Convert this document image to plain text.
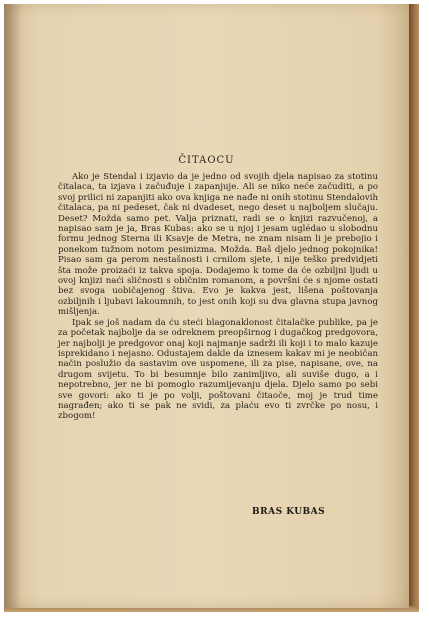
ČITAOCU

Ako je Stendal i izjavio da je jedno od svojih djela napisao za stotinu čitalaca, ta izjava i začuđuje i zapanjuje. Ali se niko neće začuditi, a po svoj prilici ni zapanjiti ako ova knjiga ne nađe ni onih stotinu Stendalovih čitalaca, pa ni pedeset, čak ni dvadeset, nego deset u najboljem slučaju. Deset? Možda samo pet. Valja priznati, radi se o knjizi razvučenoj, a napisao sam je ja, Bras Kubas: ako se u njoj i jesam uglédao u slobodnu formu jednog Sterna ili Ksavje de Metra, ne znam nisam li je prebojio i ponekom tužnom notom pesimizma. Možda. Baš djelo jednog pokojnika! Pisao sam ga perom nestašnosti i crnilom sjete, i nije teško predvidjeti šta može proizaći iz takva spoja. Dodajemo k tome da će ozbiljni ljudi u ovoj knjizi naći sličnosti s običnim romanom, a površni će s njome ostati bez svoga uobičajenog štiva. Evo je kakva jest, lišena poštovanja ozbiljnih i ljubavi lakoumnih, to jest onih koji su dva glavna stupa javnog mišljenja.

Ipak se još nadam da ću steći blagonaklonost čitalačke publike, pa je za početak najbolje da se odreknem preopširnog i dugačkog predgovora, jer najbolji je predgovor onaj koji najmanje sadrži ili koji i to malo kazuje isprekidano i nejasno. Odustajem dakle da iznesem kakav mi je neobičan način poslužio da sastavim ove uspomene, ili za pise, napisane, ove, na drugom svijetu. To bi besumnje bilo zanimljivo, ali suviše dugo, a i nepotrebno, jer ne bi pomoglo razumijevanju djela. Djelo samo po sebi sve govori: ako ti je po volji, poštovani čitaoče, moj je trud time nagrađen; ako ti se pak ne svidi, za plaću evo ti zvrčke po nosu, i zbogom!

BRAS KUBAS
